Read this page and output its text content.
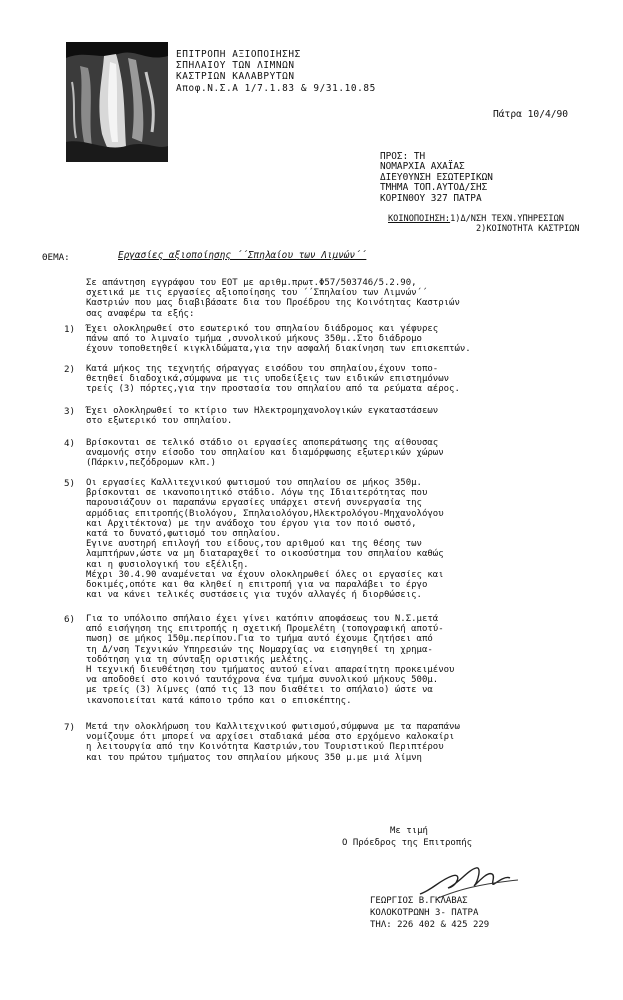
ΕΠΙΤΡΟΠΗ ΑΞΙΟΠΟΙΗΣΗΣ
ΣΠΗΛΑΙΟΥ ΤΩΝ ΛΙΜΝΩΝ
ΚΑΣΤΡΙΩΝ ΚΑΛΑΒΡΥΤΩΝ
Αποφ.Ν.Σ.Α 1/7.1.83 & 9/31.10.85
Πάτρα 10/4/90
ΠΡΟΣ: ΤΗ
ΝΟΜΑΡΧΙΑ ΑΧΑΪΑΣ
ΔΙΕΥΘΥΝΣΗ ΕΣΩΤΕΡΙΚΩΝ
ΤΜΗΜΑ ΤΟΠ.ΑΥΤΟΔ/ΣΗΣ
ΚΟΡΙΝΘΟΥ 327 ΠΑΤΡΑ
ΚΟΙΝΟΠΟΙΗΣΗ:1)Δ/ΝΣΗ ΤΕΧΝ.ΥΠΗΡΕΣΙΩΝ
2)ΚΟΙΝΟΤΗΤΑ ΚΑΣΤΡΙΩΝ
ΘΕΜΑ:	Εργασίες αξιοποίησης ΄΄Σπηλαίου των Λιμνών΄΄
Σε απάντηση εγγράφου του ΕΟΤ με αριθμ.πρωτ.Φ57/503746/5.2.90,
σχετικά με τις εργασίες αξιοποίησης του ΄΄Σπηλαίου των Λιμνών΄΄
Καστριών που μας διαβιβάσατε δια του Προέδρου της Κοινότητας Καστριών
σας αναφέρω τα εξής:
1) Έχει ολοκληρωθεί στο εσωτερικό του σπηλαίου διάδρομος και γέφυρες
πάνω από το λιμναίο τμήμα ,συνολικού μήκους 350μ..Στο διάδρομο
έχουν τοποθετηθεί κιγκλιδώματα,για την ασφαλή διακίνηση των επισκεπτών.
2) Κατά μήκος της τεχνητής σήραγγας εισόδου του σπηλαίου,έχουν τοπο-
θετηθεί διαδοχικά,σύμφωνα με τις υποδείξεις των ειδικών επιστημόνων
τρείς (3) πόρτες,για την προστασία του σπηλαίου από τα ρεύματα αέρος.
3) Έχει ολοκληρωθεί το κτίριο των Ηλεκτρομηχανολογικών εγκαταστάσεων
στο εξωτερικό του σπηλαίου.
4) Βρίσκονται σε τελικό στάδιο οι εργασίες αποπεράτωσης της αίθουσας
αναμονής στην είσοδο του σπηλαίου και διαμόρφωσης εξωτερικών χώρων
(Πάρκιν,πεζόδρομων κλπ.)
5) Οι εργασίες Καλλιτεχνικού φωτισμού του σπηλαίου σε μήκος 350μ.
βρίσκονται σε ικανοποιητικό στάδιο. Λόγω της Ιδιαιτερότητας που
παρουσιάζουν οι παραπάνω εργασίες υπάρχει στενή συνεργασία της
αρμόδιας επιτροπής(Βιολόγου, Σπηλαιολόγου,Ηλεκτρολόγου-Μηχανολόγου
και Αρχιτέκτονα) με την ανάδοχο του έργου για τον ποιό σωστό,
κατά το δυνατό,φωτισμό του σπηλαίου.
Εγινε αυστηρή επιλογή του είδους,του αριθμού και της θέσης των
λαμπτήρων,ώστε να μη διαταραχθεί το οικοσύστημα του σπηλαίου καθώς
και η φυσιολογική του εξέλιξη.
Μέχρι 30.4.90 αναμένεται να έχουν ολοκληρωθεί όλες οι εργασίες και
δοκιμές,οπότε και θα κληθεί η επιτροπή για να παραλάβει το έργο
και να κάνει τελικές συστάσεις για τυχόν αλλαγές ή διορθώσεις.
6) Για το υπόλοιπο σπήλαιο έχει γίνει κατόπιν αποφάσεως του Ν.Σ.μετά
από εισήγηση της επιτροπής η σχετική Προμελέτη (τοπογραφική αποτύ-
πωση) σε μήκος 150μ.περίπου.Για το τμήμα αυτό έχουμε ζητήσει από
τη Δ/νση Τεχνικών Υπηρεσιών της Νομαρχίας να εισηγηθεί τη χρημα-
τοδότηση για τη σύνταξη οριστικής μελέτης.
Η τεχνική διευθέτηση του τμήματος αυτού είναι απαραίτητη προκειμένου
να αποδοθεί στο κοινό ταυτόχρονα ένα τμήμα συνολικού μήκους 500μ.
με τρείς (3) λίμνες (από τις 13 που διαθέτει το σπήλαιο) ώστε να
ικανοποιείται κατά κάποιο τρόπο και ο επισκέπτης.
7) Μετά την ολοκλήρωση του Καλλιτεχνικού φωτισμού,σύμφωνα με τα παραπάνω
νομίζουμε ότι μπορεί να αρχίσει σταδιακά μέσα στο ερχόμενο καλοκαίρι
η λειτουργία από την Κοινότητα Καστριών,του Τουριστικού Περιπτέρου
και του πρώτου τμήματος του σπηλαίου μήκους 350 μ.με μιά λίμνη
Με τιμή
Ο Πρόεδρος της Επιτροπής
ΓΕΩΡΓΙΟΣ Β.ΓΚΛΑΒΑΣ
ΚΟΛΟΚΟΤΡΩΝΗ 3- ΠΑΤΡΑ
ΤΗΛ: 226 402 & 425 229
